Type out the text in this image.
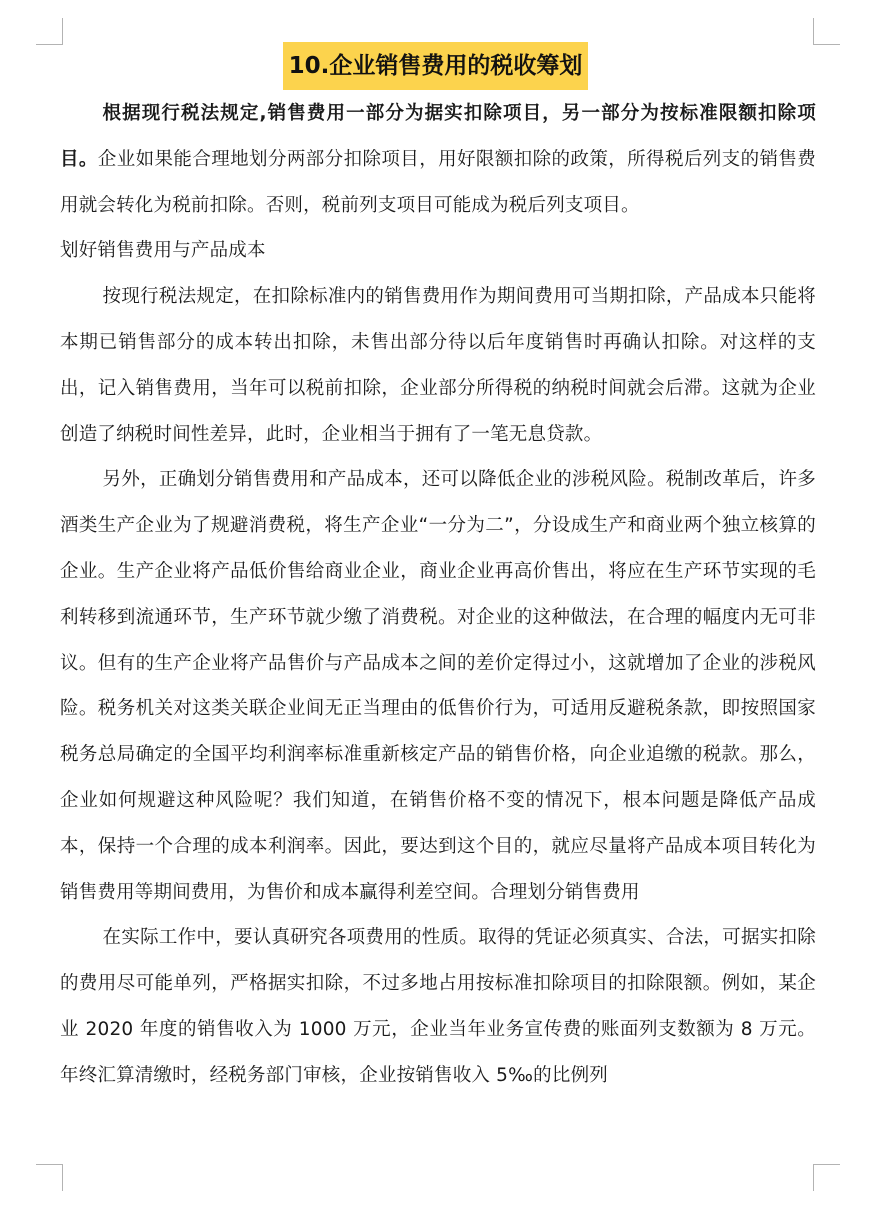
10.企业销售费用的税收筹划

根据现行税法规定,销售费用一部分为据实扣除项目，另一部分为按标准限额扣除项目。企业如果能合理地划分两部分扣除项目，用好限额扣除的政策，所得税后列支的销售费用就会转化为税前扣除。否则，税前列支项目可能成为税后列支项目。

划好销售费用与产品成本

按现行税法规定，在扣除标准内的销售费用作为期间费用可当期扣除，产品成本只能将本期已销售部分的成本转出扣除，未售出部分待以后年度销售时再确认扣除。对这样的支出，记入销售费用，当年可以税前扣除，企业部分所得税的纳税时间就会后滞。这就为企业创造了纳税时间性差异，此时，企业相当于拥有了一笔无息贷款。

另外，正确划分销售费用和产品成本，还可以降低企业的涉税风险。税制改革后，许多酒类生产企业为了规避消费税，将生产企业“一分为二”，分设成生产和商业两个独立核算的企业。生产企业将产品低价售给商业企业，商业企业再高价售出，将应在生产环节实现的毛利转移到流通环节，生产环节就少缴了消费税。对企业的这种做法，在合理的幅度内无可非议。但有的生产企业将产品售价与产品成本之间的差价定得过小，这就增加了企业的涉税风险。税务机关对这类关联企业间无正当理由的低售价行为，可适用反避税条款，即按照国家税务总局确定的全国平均利润率标准重新核定产品的销售价格，向企业追缴的税款。那么，企业如何规避这种风险呢？我们知道，在销售价格不变的情况下，根本问题是降低产品成本，保持一个合理的成本利润率。因此，要达到这个目的，就应尽量将产品成本项目转化为销售费用等期间费用，为售价和成本赢得利差空间。合理划分销售费用

在实际工作中，要认真研究各项费用的性质。取得的凭证必须真实、合法，可据实扣除的费用尽可能单列，严格据实扣除，不过多地占用按标准扣除项目的扣除限额。例如，某企业 2020 年度的销售收入为 1000 万元，企业当年业务宣传费的账面列支数额为 8 万元。年终汇算清缴时，经税务部门审核，企业按销售收入 5‰的比例列
